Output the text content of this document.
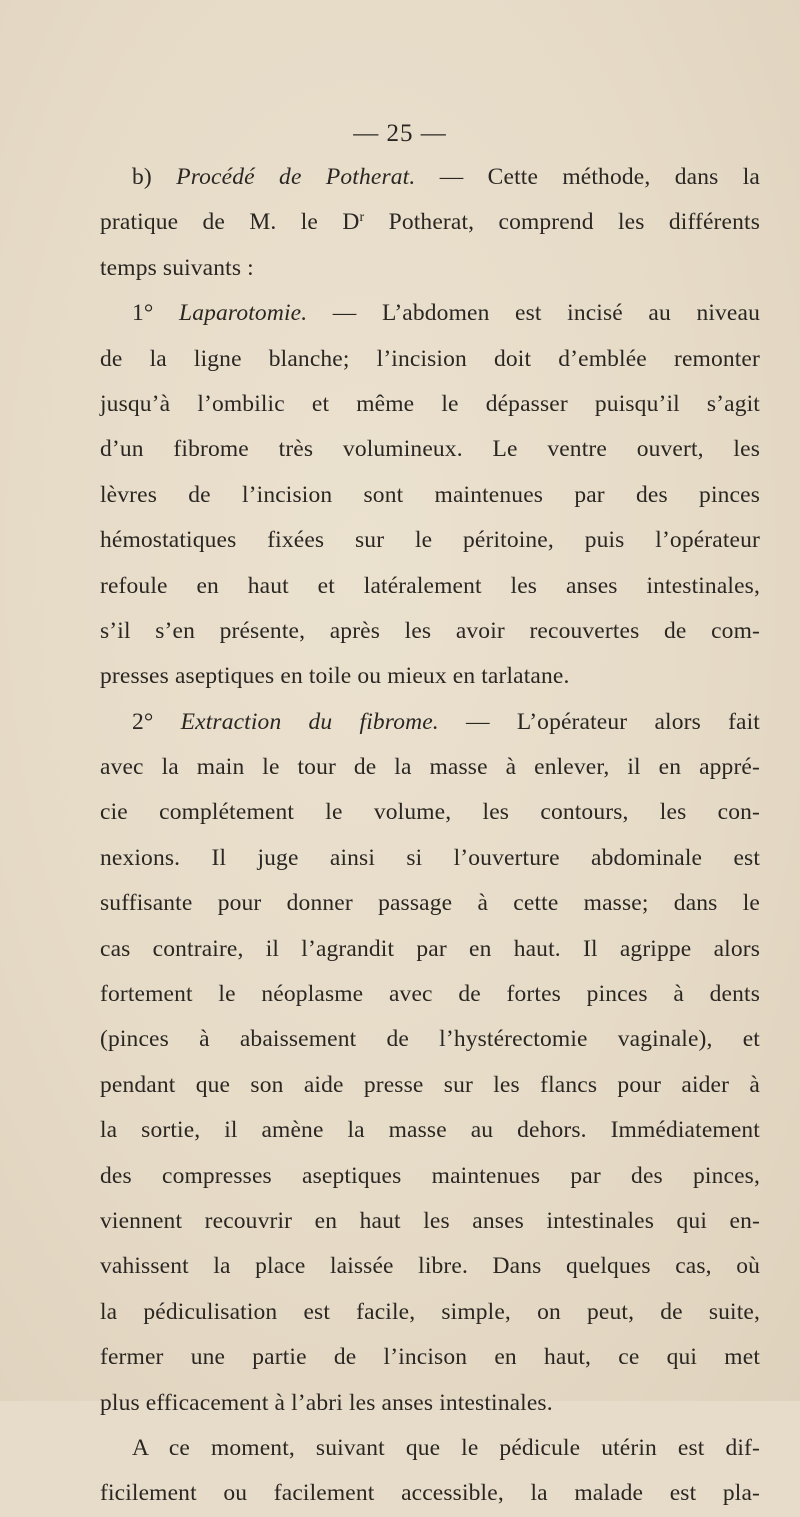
— 25 —
b) Procédé de Potherat. — Cette méthode, dans la
pratique de M. le $D^r$ Potherat, comprend les différents
temps suivants :
1° Laparotomie. — L’abdomen est incisé au niveau
de la ligne blanche; l’incision doit d’emblée remonter
jusqu’à l’ombilic et même le dépasser puisqu’il s’agit
d’un fibrome très volumineux. Le ventre ouvert, les
lèvres de l’incision sont maintenues par des pinces
hémostatiques fixées sur le péritoine, puis l’opérateur
refoule en haut et latéralement les anses intestinales,
s’il s’en présente, après les avoir recouvertes de com-
presses aseptiques en toile ou mieux en tarlatane.
2° Extraction du fibrome. — L’opérateur alors fait
avec la main le tour de la masse à enlever, il en appré-
cie complétement le volume, les contours, les con-
nexions. Il juge ainsi si l’ouverture abdominale est
suffisante pour donner passage à cette masse; dans le
cas contraire, il l’agrandit par en haut. Il agrippe alors
fortement le néoplasme avec de fortes pinces à dents
(pinces à abaissement de l’hystérectomie vaginale), et
pendant que son aide presse sur les flancs pour aider à
la sortie, il amène la masse au dehors. Immédiatement
des compresses aseptiques maintenues par des pinces,
viennent recouvrir en haut les anses intestinales qui en-
vahissent la place laissée libre. Dans quelques cas, où
la pédiculisation est facile, simple, on peut, de suite,
fermer une partie de l’incison en haut, ce qui met
plus efficacement à l’abri les anses intestinales.
A ce moment, suivant que le pédicule utérin est dif-
ficilement ou facilement accessible, la malade est pla-
